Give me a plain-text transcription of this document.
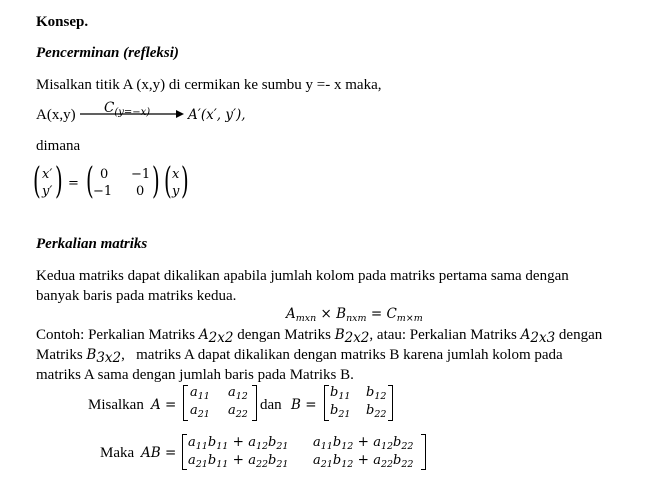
Konsep.
Pencerminan (refleksi)
Misalkan titik A (x,y) di cermikan ke sumbu y =- x maka,
A(x,y) $C_{(y=-x)}$	A′(x′, y′),
dimana
( x′
y′ ) = ( 0 −1
−1 0 ) ( x
y )
Perkalian matriks
Kedua matriks dapat dikalikan apabila jumlah kolom pada matriks pertama sama dengan
banyak baris pada matriks kedua.
$A_{mxn} \times B_{nxm} = C_{m\times m}$
Contoh: Perkalian Matriks $A_{2x2}$ dengan Matriks $B_{2x2}$, atau: Perkalian Matriks $A_{2x3}$ dengan
Matriks $B_{3x2}$,   matriks A dapat dikalikan dengan matriks B karena jumlah kolom pada
matriks A sama dengan jumlah baris pada Matriks B.
Misalkan A =
$a_{11}$ $a_{12}$
$a_{21}$ $a_{22}$
dan B =
$b_{11}$ $b_{12}$
$b_{21}$ $b_{22}$
Maka AB =
$a_{11}b_{11} + a_{12}b_{21}$ $a_{11}b_{12} + a_{12}b_{22}$
$a_{21}b_{11} + a_{22}b_{21}$ $a_{21}b_{12} + a_{22}b_{22}$
